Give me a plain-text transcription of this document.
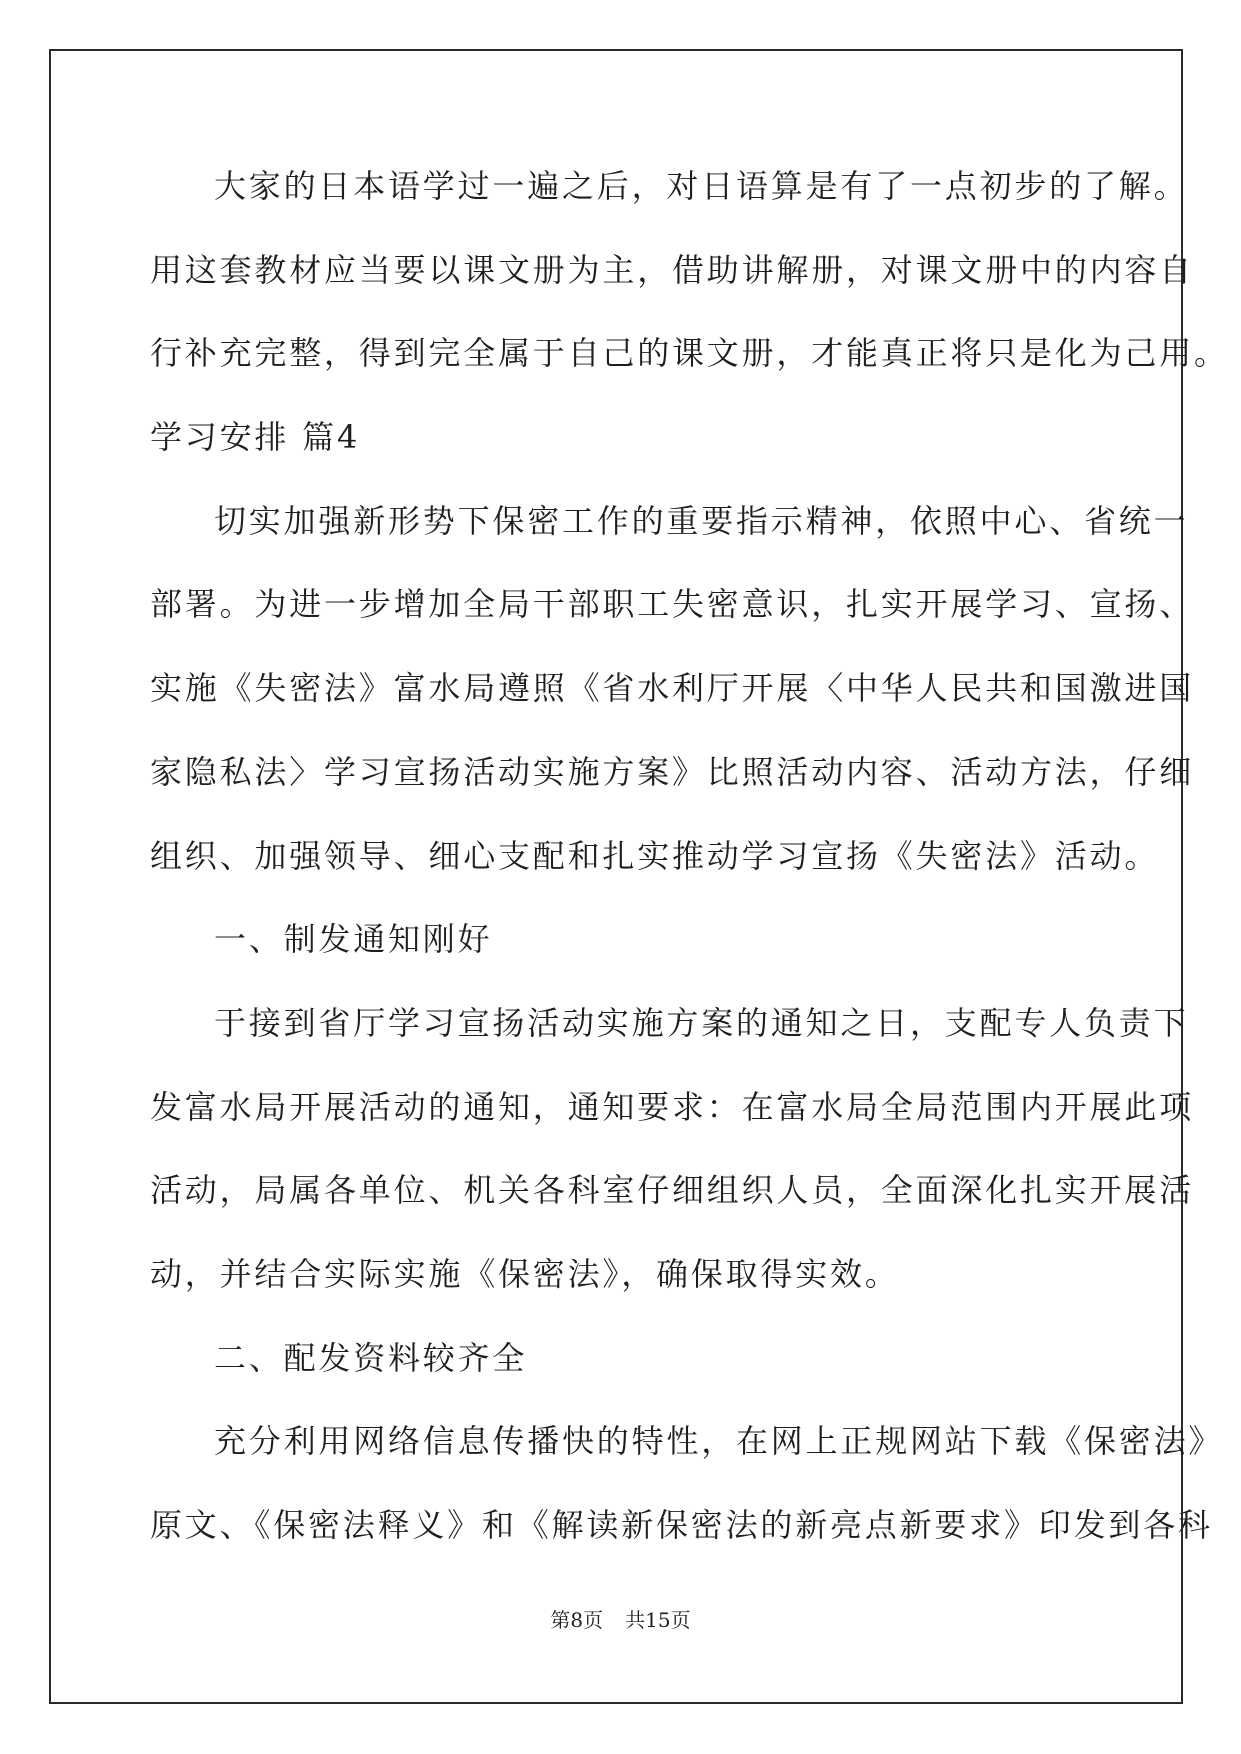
大家的日本语学过一遍之后，对日语算是有了一点初步的了解。
用这套教材应当要以课文册为主，借助讲解册，对课文册中的内容自
行补充完整，得到完全属于自己的课文册，才能真正将只是化为己用。
学习安排 篇4
切实加强新形势下保密工作的重要指示精神，依照中心、省统一
部署。为进一步增加全局干部职工失密意识，扎实开展学习、宣扬、
实施《失密法》富水局遵照《省水利厅开展〈中华人民共和国激进国
家隐私法〉学习宣扬活动实施方案》比照活动内容、活动方法，仔细
组织、加强领导、细心支配和扎实推动学习宣扬《失密法》活动。
一、制发通知刚好
于接到省厅学习宣扬活动实施方案的通知之日，支配专人负责下
发富水局开展活动的通知，通知要求：在富水局全局范围内开展此项
活动，局属各单位、机关各科室仔细组织人员，全面深化扎实开展活
动，并结合实际实施《保密法》，确保取得实效。
二、配发资料较齐全
充分利用网络信息传播快的特性，在网上正规网站下载《保密法》
原文、《保密法释义》和《解读新保密法的新亮点新要求》印发到各科
第8页 共15页
